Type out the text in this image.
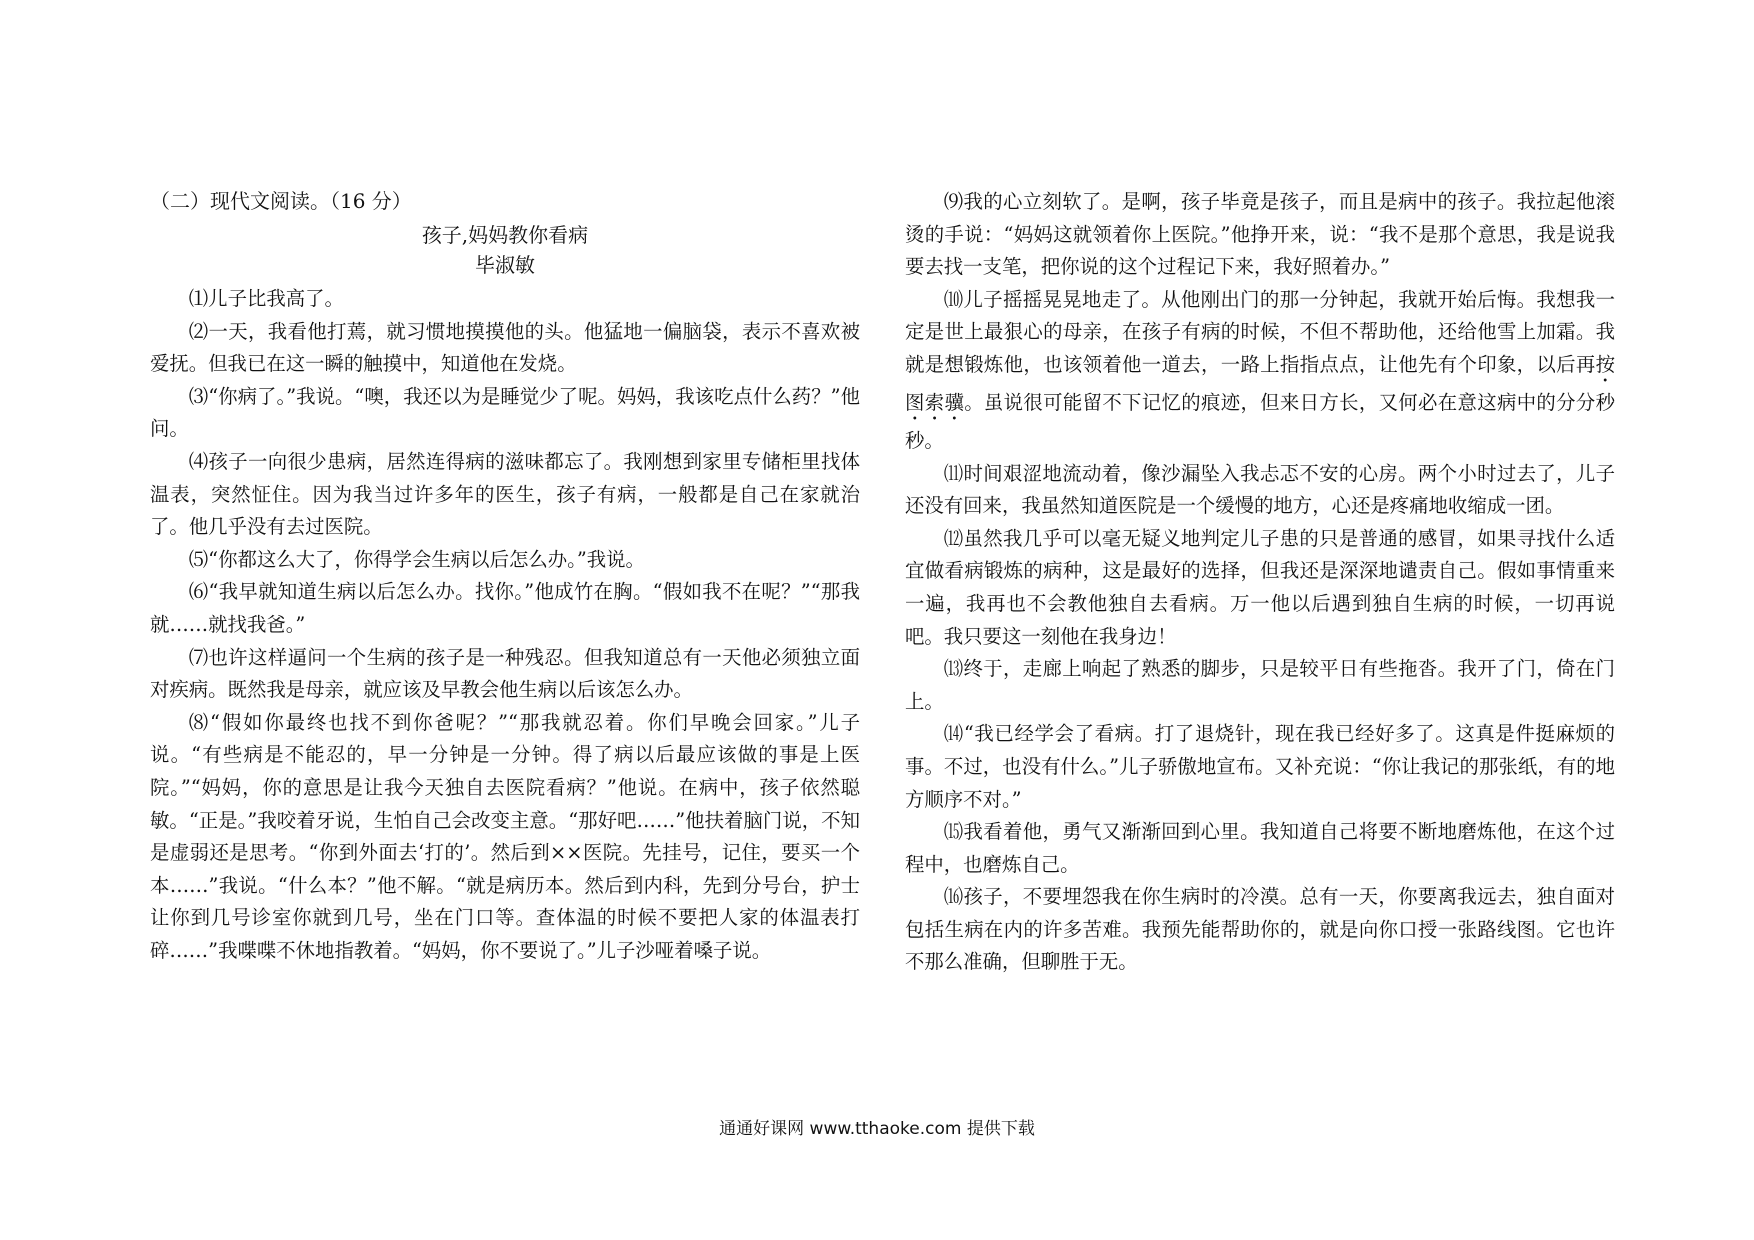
（二）现代文阅读。（16 分）

孩子,妈妈教你看病

毕淑敏

⑴儿子比我高了。

⑵一天，我看他打蔫，就习惯地摸摸他的头。他猛地一偏脑袋，表示不喜欢被爱抚。但我已在这一瞬的触摸中，知道他在发烧。

⑶“你病了。”我说。“噢，我还以为是睡觉少了呢。妈妈，我该吃点什么药？”他问。

⑷孩子一向很少患病，居然连得病的滋味都忘了。我刚想到家里专储柜里找体温表，突然怔住。因为我当过许多年的医生，孩子有病，一般都是自己在家就治了。他几乎没有去过医院。

⑸“你都这么大了，你得学会生病以后怎么办。”我说。

⑹“我早就知道生病以后怎么办。找你。”他成竹在胸。“假如我不在呢？”“那我就……就找我爸。”

⑺也许这样逼问一个生病的孩子是一种残忍。但我知道总有一天他必须独立面对疾病。既然我是母亲，就应该及早教会他生病以后该怎么办。

⑻“假如你最终也找不到你爸呢？”“那我就忍着。你们早晚会回家。”儿子说。“有些病是不能忍的，早一分钟是一分钟。得了病以后最应该做的事是上医院。”“妈妈，你的意思是让我今天独自去医院看病？”他说。在病中，孩子依然聪敏。“正是。”我咬着牙说，生怕自己会改变主意。“那好吧……”他扶着脑门说，不知是虚弱还是思考。“你到外面去‘打的’。然后到××医院。先挂号，记住，要买一个本……”我说。“什么本？”他不解。“就是病历本。然后到内科，先到分号台，护士让你到几号诊室你就到几号，坐在门口等。查体温的时候不要把人家的体温表打碎……”我喋喋不休地指教着。“妈妈，你不要说了。”儿子沙哑着嗓子说。

⑼我的心立刻软了。是啊，孩子毕竟是孩子，而且是病中的孩子。我拉起他滚烫的手说：“妈妈这就领着你上医院。”他挣开来，说：“我不是那个意思，我是说我要去找一支笔，把你说的这个过程记下来，我好照着办。”

⑽儿子摇摇晃晃地走了。从他刚出门的那一分钟起，我就开始后悔。我想我一定是世上最狠心的母亲，在孩子有病的时候，不但不帮助他，还给他雪上加霜。我就是想锻炼他，也该领着他一道去，一路上指指点点，让他先有个印象，以后再按图索骥。虽说很可能留不下记忆的痕迹，但来日方长，又何必在意这病中的分分秒秒。

⑾时间艰涩地流动着，像沙漏坠入我忐忑不安的心房。两个小时过去了，儿子还没有回来，我虽然知道医院是一个缓慢的地方，心还是疼痛地收缩成一团。

⑿虽然我几乎可以毫无疑义地判定儿子患的只是普通的感冒，如果寻找什么适宜做看病锻炼的病种，这是最好的选择，但我还是深深地谴责自己。假如事情重来一遍，我再也不会教他独自去看病。万一他以后遇到独自生病的时候，一切再说吧。我只要这一刻他在我身边！

⒀终于，走廊上响起了熟悉的脚步，只是较平日有些拖沓。我开了门，倚在门上。

⒁“我已经学会了看病。打了退烧针，现在我已经好多了。这真是件挺麻烦的事。不过，也没有什么。”儿子骄傲地宣布。又补充说：“你让我记的那张纸，有的地方顺序不对。”

⒂我看着他，勇气又渐渐回到心里。我知道自己将要不断地磨炼他，在这个过程中，也磨炼自己。

⒃孩子，不要埋怨我在你生病时的冷漠。总有一天，你要离我远去，独自面对包括生病在内的许多苦难。我预先能帮助你的，就是向你口授一张路线图。它也许不那么准确，但聊胜于无。

通通好课网 www.tthaoke.com 提供下载
